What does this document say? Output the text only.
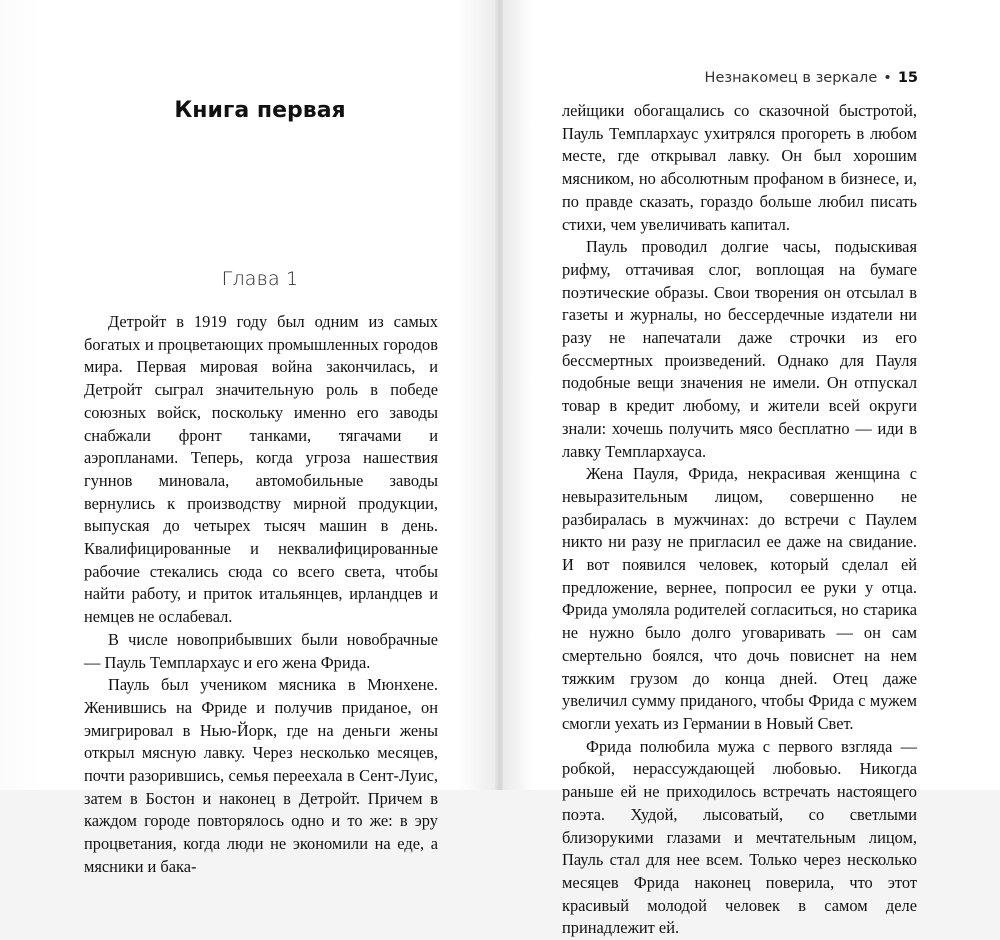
Книга первая
Глава 1

Детройт в 1919 году был одним из самых богатых и процветающих промышленных городов мира. Первая мировая война закончилась, и Детройт сыграл значительную роль в победе союзных войск, поскольку именно его заводы снабжали фронт танками, тягачами и аэропланами. Теперь, когда угроза нашествия гуннов миновала, автомобильные заводы вернулись к производству мирной продукции, выпуская до четырех тысяч машин в день. Квалифицированные и неквалифицированные рабочие стекались сюда со всего света, чтобы найти работу, и приток итальянцев, ирландцев и немцев не ослабевал.

В числе новоприбывших были новобрачные — Пауль Темплархаус и его жена Фрида.

Пауль был учеником мясника в Мюнхене. Женившись на Фриде и получив приданое, он эмигрировал в Нью-Йорк, где на деньги жены открыл мясную лавку. Через несколько месяцев, почти разорившись, семья переехала в Сент-Луис, затем в Бостон и наконец в Детройт. Причем в каждом городе повторялось одно и то же: в эру процветания, когда люди не экономили на еде, а мясники и бака-

Незнакомец в зеркале • 15

лейщики обогащались со сказочной быстротой, Пауль Темплархаус ухитрялся прогореть в любом месте, где открывал лавку. Он был хорошим мясником, но абсолютным профаном в бизнесе, и, по правде сказать, гораздо больше любил писать стихи, чем увеличивать капитал.

Пауль проводил долгие часы, подыскивая рифму, оттачивая слог, воплощая на бумаге поэтические образы. Свои творения он отсылал в газеты и журналы, но бессердечные издатели ни разу не напечатали даже строчки из его бессмертных произведений. Однако для Пауля подобные вещи значения не имели. Он отпускал товар в кредит любому, и жители всей округи знали: хочешь получить мясо бесплатно — иди в лавку Темплархауса.

Жена Пауля, Фрида, некрасивая женщина с невыразительным лицом, совершенно не разбиралась в мужчинах: до встречи с Паулем никто ни разу не пригласил ее даже на свидание. И вот появился человек, который сделал ей предложение, вернее, попросил ее руки у отца. Фрида умоляла родителей согласиться, но старика не нужно было долго уговаривать — он сам смертельно боялся, что дочь повиснет на нем тяжким грузом до конца дней. Отец даже увеличил сумму приданого, чтобы Фрида с мужем смогли уехать из Германии в Новый Свет.

Фрида полюбила мужа с первого взгляда — робкой, нерассуждающей любовью. Никогда раньше ей не приходилось встречать настоящего поэта. Худой, лысоватый, со светлыми близорукими глазами и мечтательным лицом, Пауль стал для нее всем. Только через несколько месяцев Фрида наконец поверила, что этот красивый молодой человек в самом деле принадлежит ей.
